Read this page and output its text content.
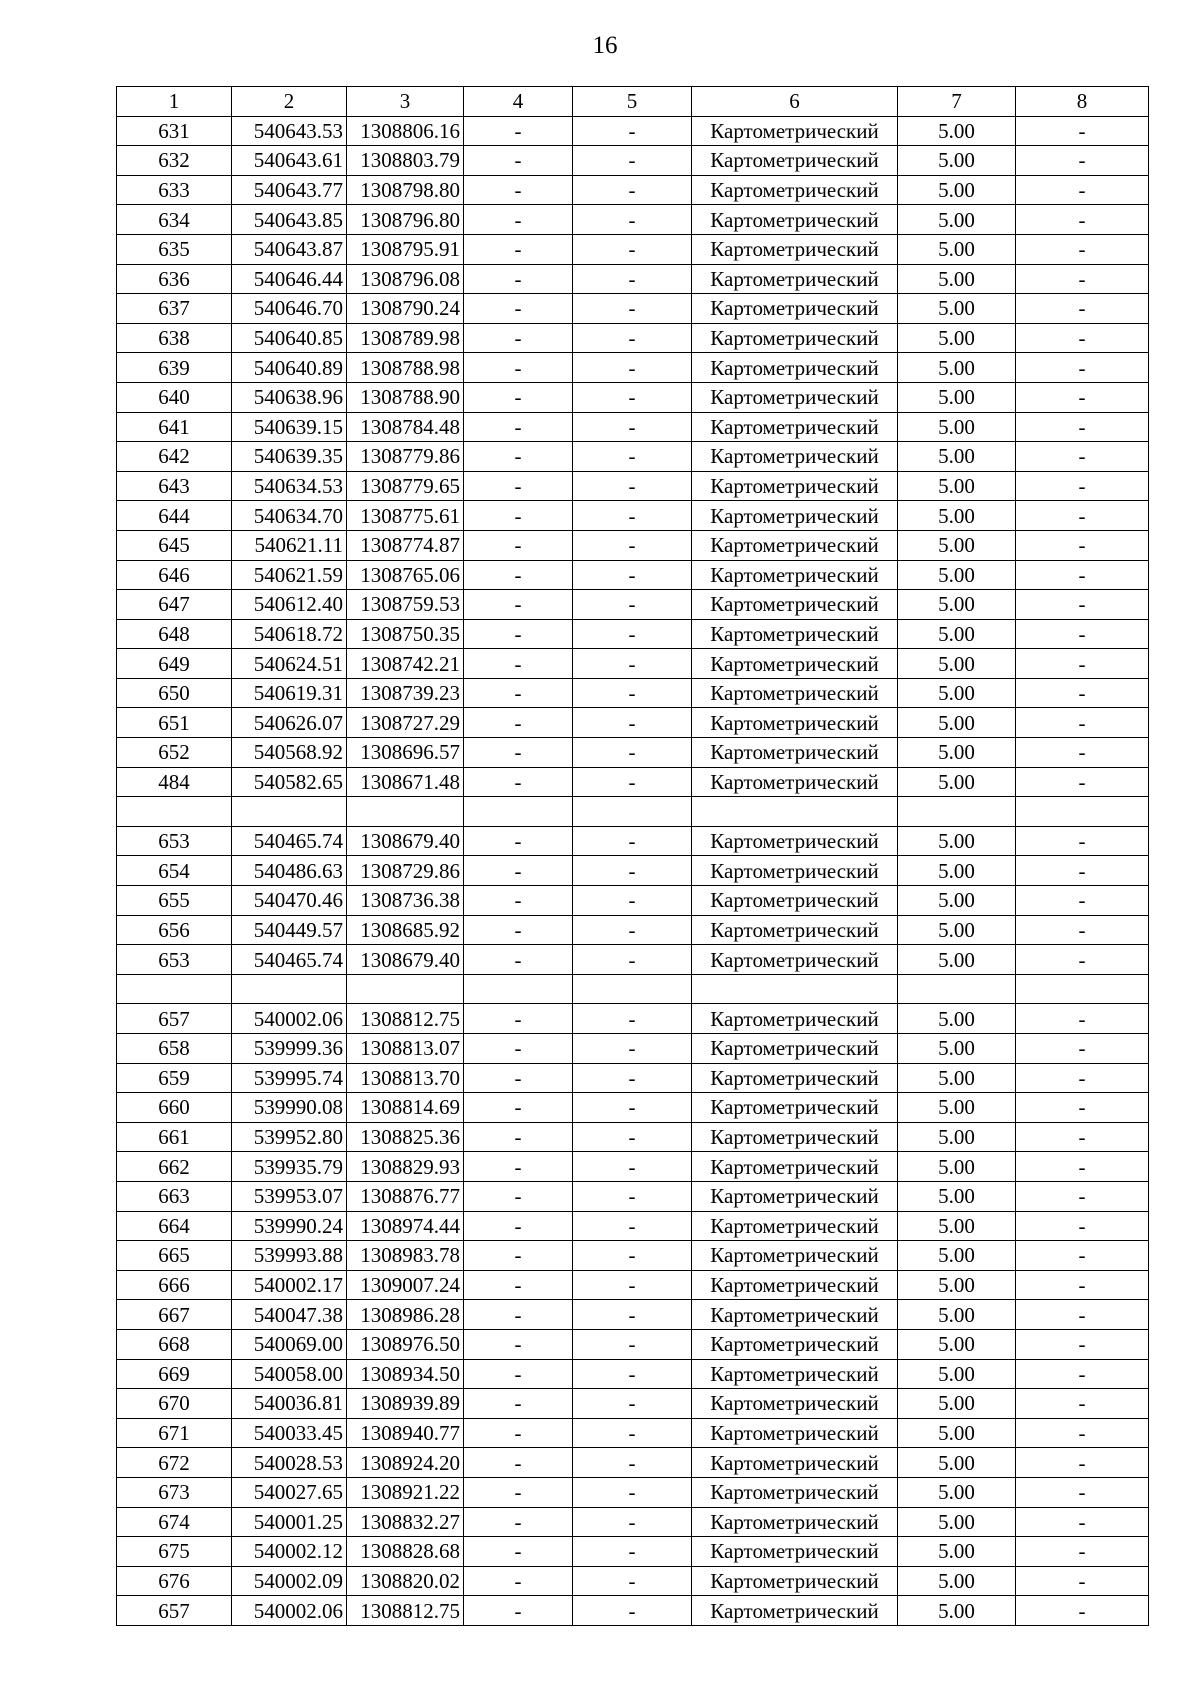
16
1	2	3	4	5	6	7	8
631	540643.53	1308806.16	-	-	Картометрический	5.00	-
632	540643.61	1308803.79	-	-	Картометрический	5.00	-
633	540643.77	1308798.80	-	-	Картометрический	5.00	-
634	540643.85	1308796.80	-	-	Картометрический	5.00	-
635	540643.87	1308795.91	-	-	Картометрический	5.00	-
636	540646.44	1308796.08	-	-	Картометрический	5.00	-
637	540646.70	1308790.24	-	-	Картометрический	5.00	-
638	540640.85	1308789.98	-	-	Картометрический	5.00	-
639	540640.89	1308788.98	-	-	Картометрический	5.00	-
640	540638.96	1308788.90	-	-	Картометрический	5.00	-
641	540639.15	1308784.48	-	-	Картометрический	5.00	-
642	540639.35	1308779.86	-	-	Картометрический	5.00	-
643	540634.53	1308779.65	-	-	Картометрический	5.00	-
644	540634.70	1308775.61	-	-	Картометрический	5.00	-
645	540621.11	1308774.87	-	-	Картометрический	5.00	-
646	540621.59	1308765.06	-	-	Картометрический	5.00	-
647	540612.40	1308759.53	-	-	Картометрический	5.00	-
648	540618.72	1308750.35	-	-	Картометрический	5.00	-
649	540624.51	1308742.21	-	-	Картометрический	5.00	-
650	540619.31	1308739.23	-	-	Картометрический	5.00	-
651	540626.07	1308727.29	-	-	Картометрический	5.00	-
652	540568.92	1308696.57	-	-	Картометрический	5.00	-
484	540582.65	1308671.48	-	-	Картометрический	5.00	-

653	540465.74	1308679.40	-	-	Картометрический	5.00	-
654	540486.63	1308729.86	-	-	Картометрический	5.00	-
655	540470.46	1308736.38	-	-	Картометрический	5.00	-
656	540449.57	1308685.92	-	-	Картометрический	5.00	-
653	540465.74	1308679.40	-	-	Картометрический	5.00	-

657	540002.06	1308812.75	-	-	Картометрический	5.00	-
658	539999.36	1308813.07	-	-	Картометрический	5.00	-
659	539995.74	1308813.70	-	-	Картометрический	5.00	-
660	539990.08	1308814.69	-	-	Картометрический	5.00	-
661	539952.80	1308825.36	-	-	Картометрический	5.00	-
662	539935.79	1308829.93	-	-	Картометрический	5.00	-
663	539953.07	1308876.77	-	-	Картометрический	5.00	-
664	539990.24	1308974.44	-	-	Картометрический	5.00	-
665	539993.88	1308983.78	-	-	Картометрический	5.00	-
666	540002.17	1309007.24	-	-	Картометрический	5.00	-
667	540047.38	1308986.28	-	-	Картометрический	5.00	-
668	540069.00	1308976.50	-	-	Картометрический	5.00	-
669	540058.00	1308934.50	-	-	Картометрический	5.00	-
670	540036.81	1308939.89	-	-	Картометрический	5.00	-
671	540033.45	1308940.77	-	-	Картометрический	5.00	-
672	540028.53	1308924.20	-	-	Картометрический	5.00	-
673	540027.65	1308921.22	-	-	Картометрический	5.00	-
674	540001.25	1308832.27	-	-	Картометрический	5.00	-
675	540002.12	1308828.68	-	-	Картометрический	5.00	-
676	540002.09	1308820.02	-	-	Картометрический	5.00	-
657	540002.06	1308812.75	-	-	Картометрический	5.00	-
